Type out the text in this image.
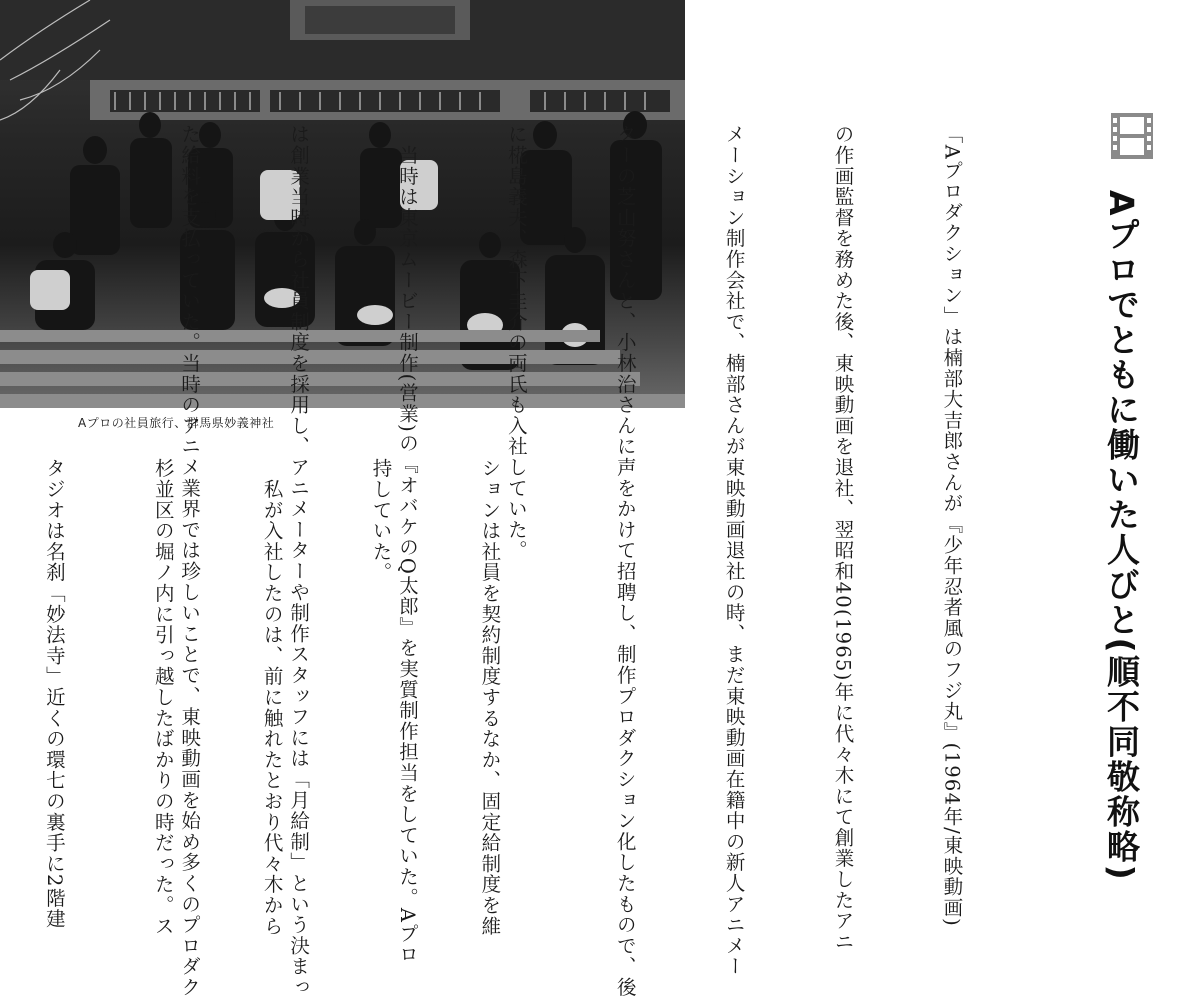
Aプロの社員旅行、群馬県妙義神社	Aプロでともに働いた人びと(順不同敬称略)

「Aプロダクション」は楠部大吉郎さんが『少年忍者風のフジ丸』(1964年/東映動画)

の作画監督を務めた後、東映動画を退社、翌昭和40(1965)年に代々木にて創業したアニ

メーション制作会社で、楠部さんが東映動画退社の時、まだ東映動画在籍中の新人アニメー

ターの芝山努さんと、小林治さんに声をかけて招聘し、制作プロダクション化したもので、後

に椛島義夫、森下圭介の両氏も入社していた。

　当時は東京ムービー制作(営業)の『オバケのQ太郎』を実質制作担当をしていた。Aプロ

は創業当時から社員制度を採用し、アニメーターや制作スタッフには「月給制」という決まっ

た給料を支払っていた。当時のアニメ業界では珍しいことで、東映動画を始め多くのプロダク

	ションは社員を契約制度するなか、固定給制度を維

持していた。

　私が入社したのは、前に触れたとおり代々木から

杉並区の堀ノ内に引っ越したばかりの時だった。ス

タジオは名刹「妙法寺」近くの環七の裏手に2階建
